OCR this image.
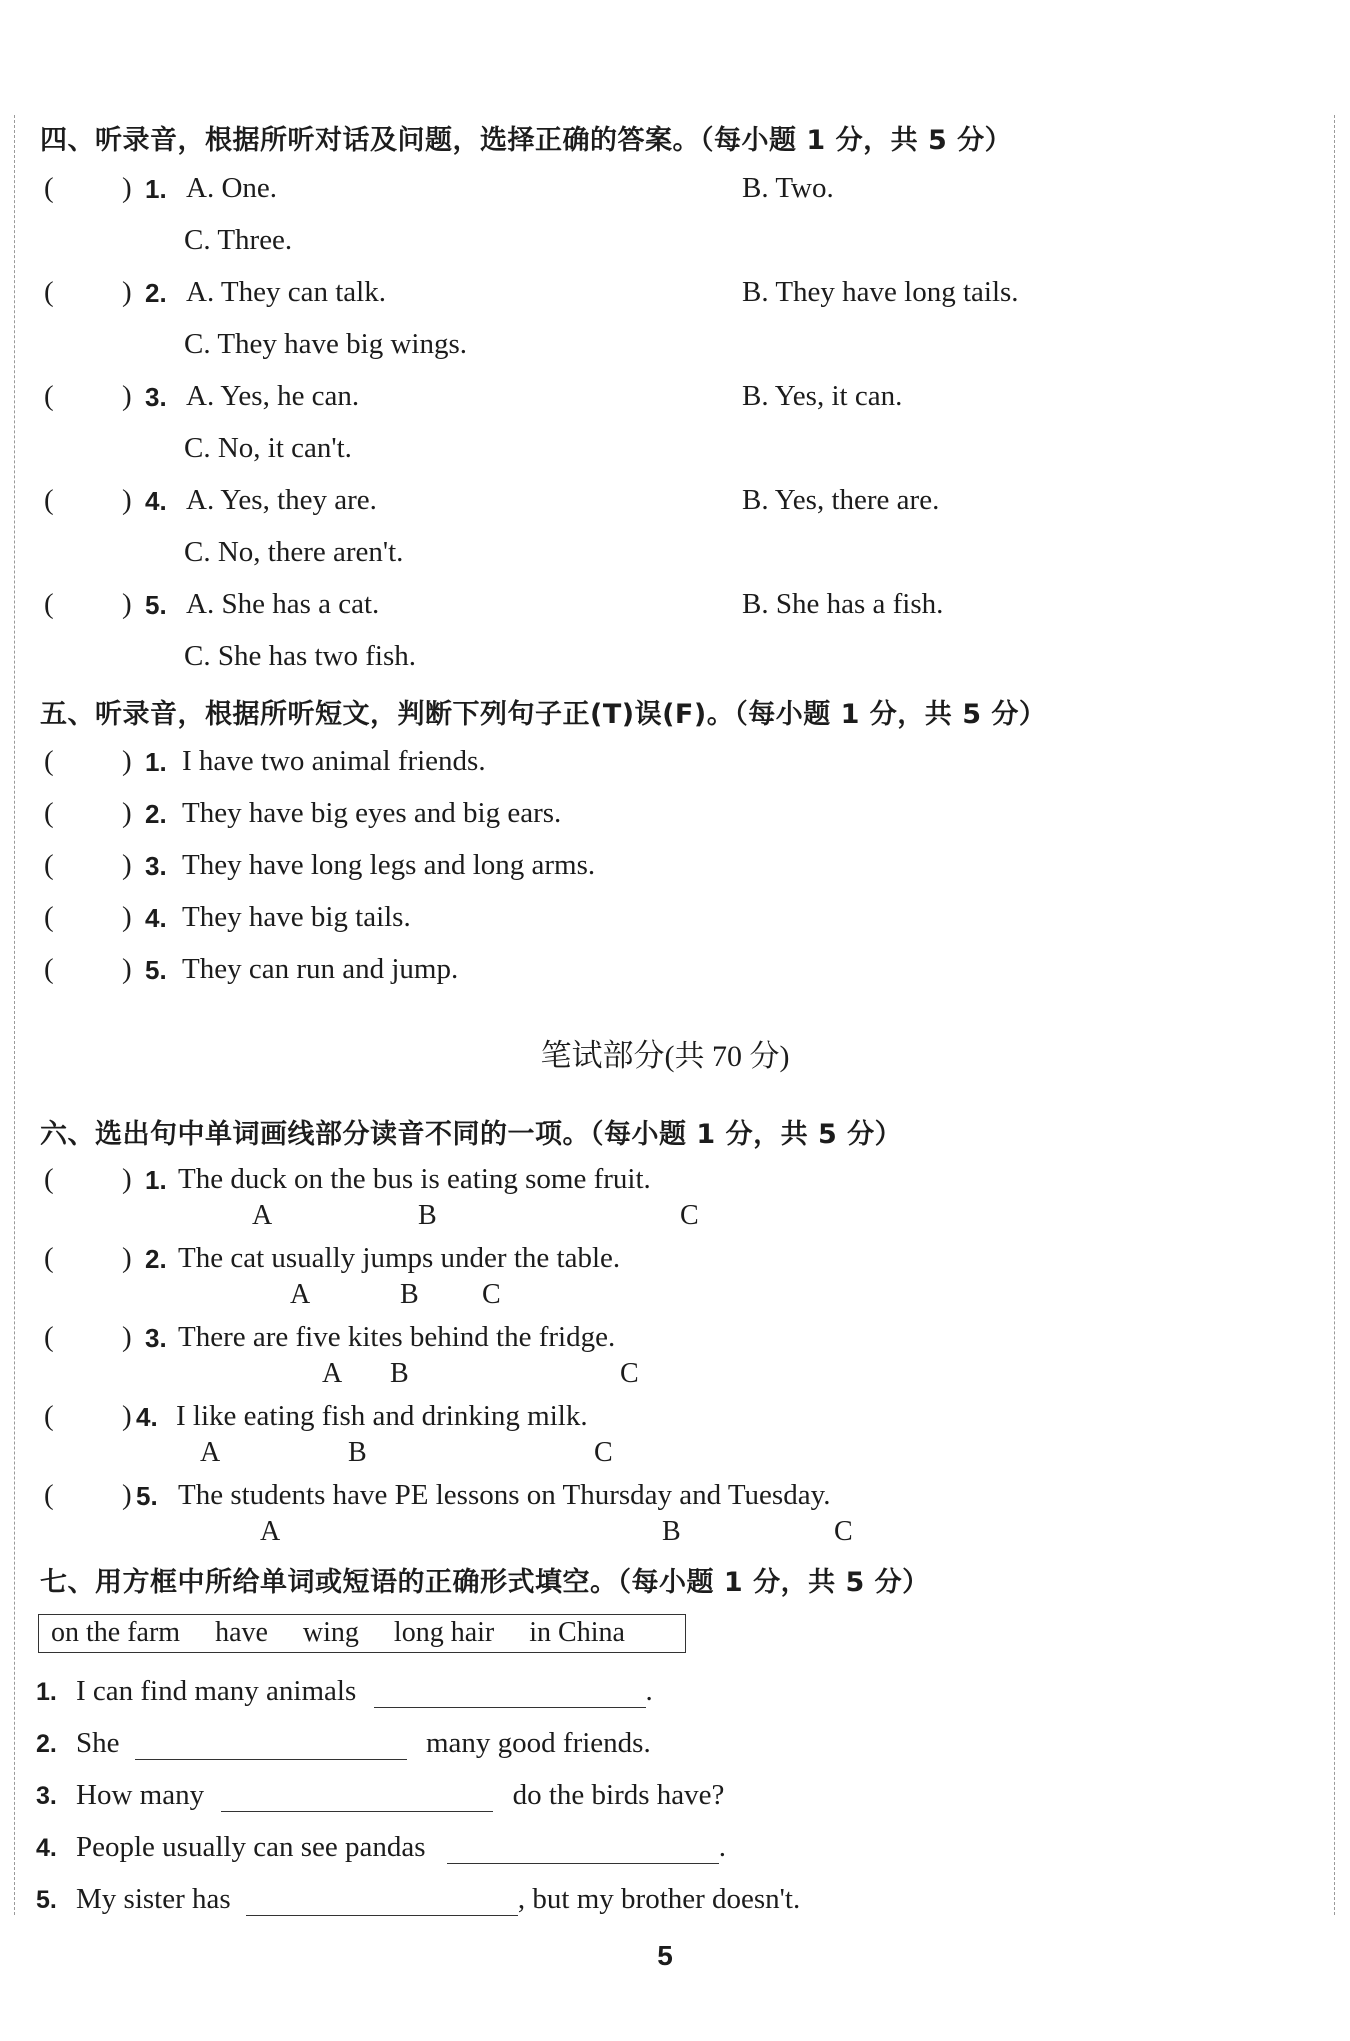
四、听录音，根据所听对话及问题，选择正确的答案。（每小题 1 分，共 5 分）
( ) 1. A. One.	B. Two.
C. Three.
( ) 2. A. They can talk.	B. They have long tails.
C. They have big wings.
( ) 3. A. Yes, he can.	B. Yes, it can.
C. No, it can't.
( ) 4. A. Yes, they are.	B. Yes, there are.
C. No, there aren't.
( ) 5. A. She has a cat.	B. She has a fish.
C. She has two fish.
五、听录音，根据所听短文，判断下列句子正(T)误(F)。（每小题 1 分，共 5 分）
( ) 1. I have two animal friends.
( ) 2. They have big eyes and big ears.
( ) 3. They have long legs and long arms.
( ) 4. They have big tails.
( ) 5. They can run and jump.
笔试部分(共 70 分)
六、选出句中单词画线部分读音不同的一项。（每小题 1 分，共 5 分）
( ) 1. The duck on the bus is eating some fruit.
A	B	C
( ) 2. The cat usually jumps under the table.
A	B C
( ) 3. There are five kites behind the fridge.
A B	C
( ) 4. I like eating fish and drinking milk.
A	B	C
( ) 5. The students have PE lessons on Thursday and Tuesday.
A	B	C
七、用方框中所给单词或短语的正确形式填空。（每小题 1 分，共 5 分）
on the farm have wing long hair in China
1. I can find many animals	.
2. She	many good friends.
3. How many	do the birds have?
4. People usually can see pandas	.
5. My sister has	, but my brother doesn't.
5
